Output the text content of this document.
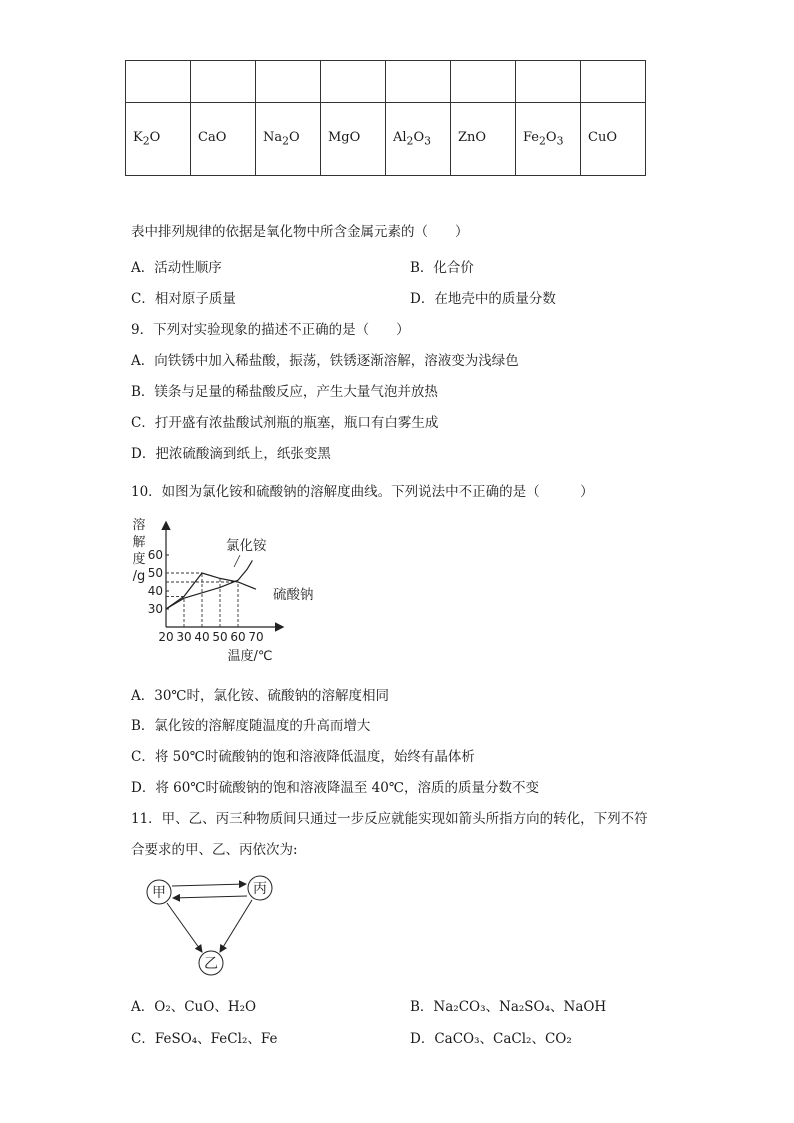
$K_2O$	CaO	$Na_2O$	MgO	$Al_2O_3$	ZnO	$Fe_2O_3$	CuO
表中排列规律的依据是氧化物中所含金属元素的（　　）
A．活动性顺序	B．化合价
C．相对原子质量	D．在地壳中的质量分数
9．下列对实验现象的描述不正确的是（　　）
A．向铁锈中加入稀盐酸，振荡，铁锈逐渐溶解，溶液变为浅绿色
B．镁条与足量的稀盐酸反应，产生大量气泡并放热
C．打开盛有浓盐酸试剂瓶的瓶塞，瓶口有白雾生成
D．把浓硫酸滴到纸上，纸张变黑
10．如图为氯化铵和硫酸钠的溶解度曲线。下列说法中不正确的是（　　　）
溶
解
度
/g
60
50
40
30
20 30 40 50 60 70
氯化铵
硫酸钠
温度/℃
A．30℃时，氯化铵、硫酸钠的溶解度相同
B．氯化铵的溶解度随温度的升高而增大
C．将 50℃时硫酸钠的饱和溶液降低温度，始终有晶体析
D．将 60℃时硫酸钠的饱和溶液降温至 40℃，溶质的质量分数不变
11．甲、乙、丙三种物质间只通过一步反应就能实现如箭头所指方向的转化，下列不符
合要求的甲、乙、丙依次为:
甲	丙
乙
A．O₂、CuO、H₂O	B．Na₂CO₃、Na₂SO₄、NaOH
C．FeSO₄、FeCl₂、Fe	D．CaCO₃、CaCl₂、CO₂
